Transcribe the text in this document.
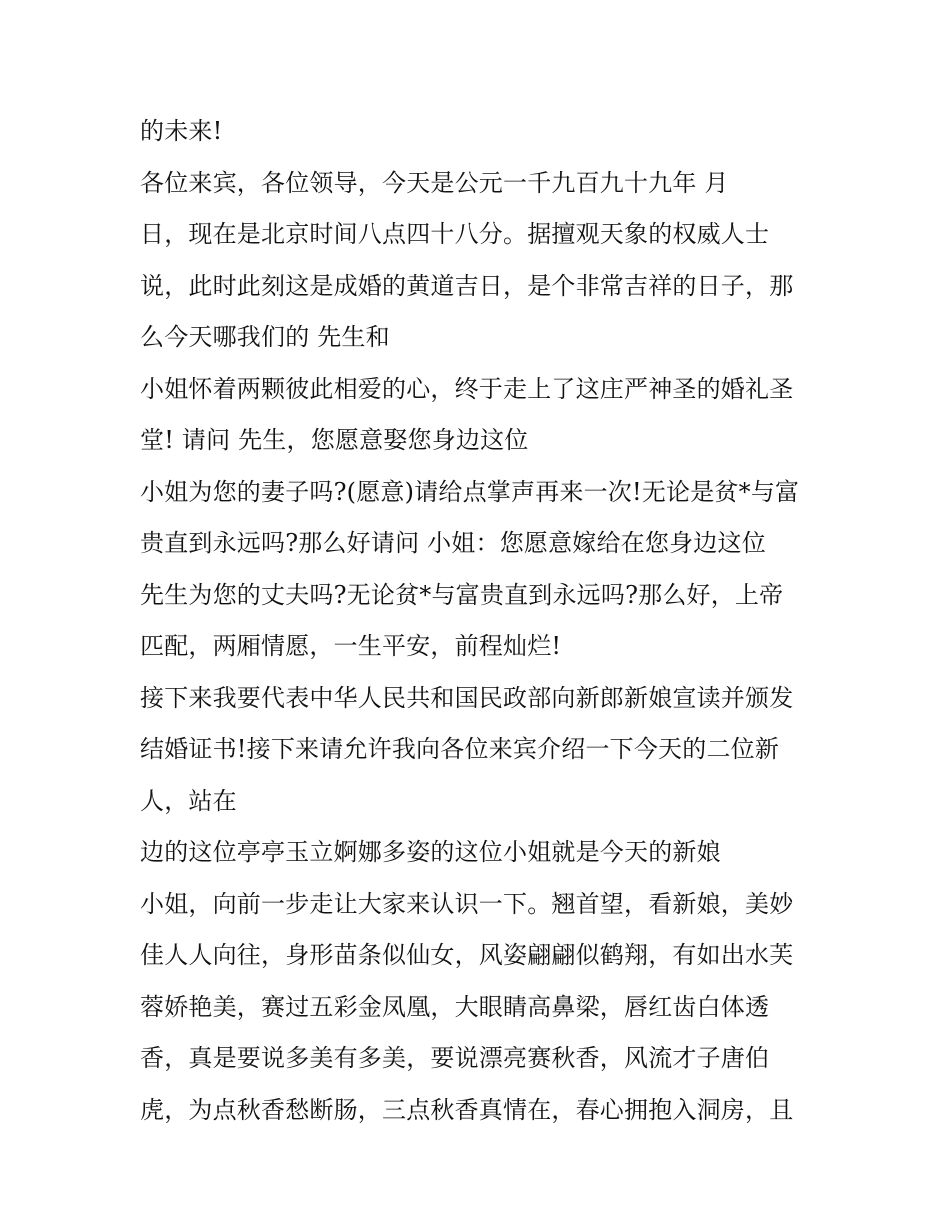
的未来!
各位来宾，各位领导，今天是公元一千九百九十九年 月
日，现在是北京时间八点四十八分。据擅观天象的权威人士
说，此时此刻这是成婚的黄道吉日，是个非常吉祥的日子，那
么今天哪我们的 先生和
小姐怀着两颗彼此相爱的心，终于走上了这庄严神圣的婚礼圣
堂! 请问 先生，您愿意娶您身边这位
小姐为您的妻子吗?(愿意)请给点掌声再来一次!无论是贫*与富
贵直到永远吗?那么好请问 小姐：您愿意嫁给在您身边这位
先生为您的丈夫吗?无论贫*与富贵直到永远吗?那么好，上帝
匹配，两厢情愿，一生平安，前程灿烂!
接下来我要代表中华人民共和国民政部向新郎新娘宣读并颁发
结婚证书!接下来请允许我向各位来宾介绍一下今天的二位新
人，站在
边的这位亭亭玉立婀娜多姿的这位小姐就是今天的新娘
小姐，向前一步走让大家来认识一下。翘首望，看新娘，美妙
佳人人向往，身形苗条似仙女，风姿翩翩似鹤翔，有如出水芙
蓉娇艳美，赛过五彩金凤凰，大眼睛高鼻梁，唇红齿白体透
香，真是要说多美有多美，要说漂亮赛秋香，风流才子唐伯
虎，为点秋香愁断肠，三点秋香真情在，春心拥抱入洞房，且
